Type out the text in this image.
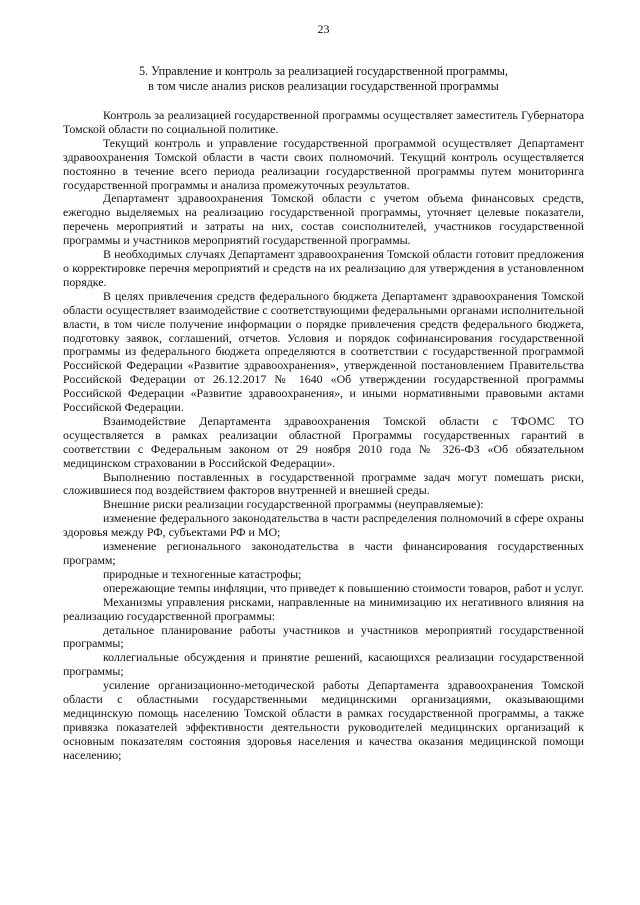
23
5. Управление и контроль за реализацией государственной программы,
в том числе анализ рисков реализации государственной программы

Контроль за реализацией государственной программы осуществляет заместитель Губернатора Томской области по социальной политике.

Текущий контроль и управление государственной программой осуществляет Департамент здравоохранения Томской области в части своих полномочий. Текущий контроль осуществляется постоянно в течение всего периода реализации государственной программы путем мониторинга государственной программы и анализа промежуточных результатов.

Департамент здравоохранения Томской области с учетом объема финансовых средств, ежегодно выделяемых на реализацию государственной программы, уточняет целевые показатели, перечень мероприятий и затраты на них, состав соисполнителей, участников государственной программы и участников мероприятий государственной программы.

В необходимых случаях Департамент здравоохранения Томской области готовит предложения о корректировке перечня мероприятий и средств на их реализацию для утверждения в установленном порядке.

В целях привлечения средств федерального бюджета Департамент здравоохранения Томской области осуществляет взаимодействие с соответствующими федеральными органами исполнительной власти, в том числе получение информации о порядке привлечения средств федерального бюджета, подготовку заявок, соглашений, отчетов. Условия и порядок софинансирования государственной программы из федерального бюджета определяются в соответствии с государственной программой Российской Федерации «Развитие здравоохранения», утвержденной постановлением Правительства Российской Федерации от 26.12.2017 № 1640 «Об утверждении государственной программы Российской Федерации «Развитие здравоохранения», и иными нормативными правовыми актами Российской Федерации.

Взаимодействие Департамента здравоохранения Томской области с ТФОМС ТО осуществляется в рамках реализации областной Программы государственных гарантий в соответствии с Федеральным законом от 29 ноября 2010 года № 326-ФЗ «Об обязательном медицинском страховании в Российской Федерации».

Выполнению поставленных в государственной программе задач могут помешать риски, сложившиеся под воздействием факторов внутренней и внешней среды.

Внешние риски реализации государственной программы (неуправляемые):

изменение федерального законодательства в части распределения полномочий в сфере охраны здоровья между РФ, субъектами РФ и МО;

изменение регионального законодательства в части финансирования государственных программ;

природные и техногенные катастрофы;

опережающие темпы инфляции, что приведет к повышению стоимости товаров, работ и услуг.

Механизмы управления рисками, направленные на минимизацию их негативного влияния на реализацию государственной программы:

детальное планирование работы участников и участников мероприятий государственной программы;

коллегиальные обсуждения и принятие решений, касающихся реализации государственной программы;

усиление организационно-методической работы Департамента здравоохранения Томской области с областными государственными медицинскими организациями, оказывающими медицинскую помощь населению Томской области в рамках государственной программы, а также привязка показателей эффективности деятельности руководителей медицинских организаций к основным показателям состояния здоровья населения и качества оказания медицинской помощи населению;
